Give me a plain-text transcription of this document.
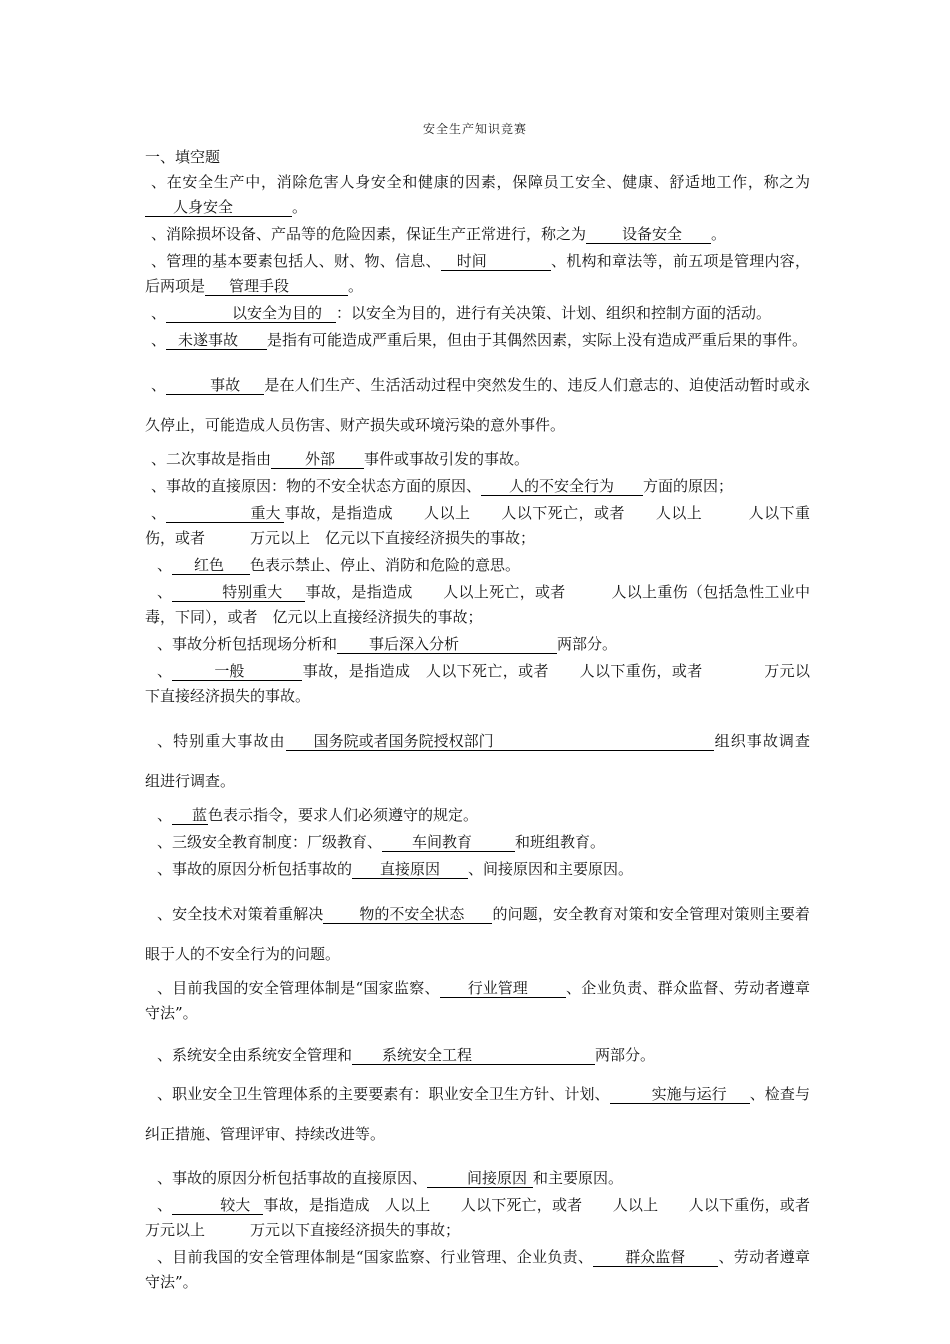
安全生产知识竞赛
一、填空题
、在安全生产中，消除危害人身安全和健康的因素，保障员工安全、健康、舒适地工作，称之为人身安全	。
、消除损坏设备、产品等的危险因素，保证生产正常进行，称之为 设备安全 。
、管理的基本要素包括人、财、物、信息、 时间	、机构和章法等，前五项是管理内容，后两项是 管理手段	。
、	以安全为目的 ：以安全为目的，进行有关决策、计划、组织和控制方面的活动。
、 未遂事故 是指有可能造成严重后果，但由于其偶然因素，实际上没有造成严重后果的事件。
、	事故 是在人们生产、生活活动过程中突然发生的、违反人们意志的、迫使活动暂时或永久停止，可能造成人员伤害、财产损失或环境污染的意外事件。
、二次事故是指由 外部 事件或事故引发的事故。
、事故的直接原因：物的不安全状态方面的原因、 人的不安全行为 方面的原因；
、	重大 事故，是指造成　　人以上　　人以下死亡，或者　　人以上　　　人以下重伤，或者　　　万元以上　亿元以下直接经济损失的事故；
、 红色 色表示禁止、停止、消防和危险的意思。
、	特别重大 事故，是指造成　　人以上死亡，或者　　　人以上重伤（包括急性工业中毒，下同），或者　亿元以上直接经济损失的事故；
、事故分析包括现场分析和 事后深入分析	两部分。
、	一般	事故，是指造成　人以下死亡，或者　　人以下重伤，或者　　　　万元以下直接经济损失的事故。
、特别重大事故由 国务院或者国务院授权部门	组织事故调查组进行调查。
、 蓝色表示指令，要求人们必须遵守的规定。
、三级安全教育制度：厂级教育、 车间教育	和班组教育。
、事故的原因分析包括事故的 直接原因 、间接原因和主要原因。
、安全技术对策着重解决 物的不安全状态 的问题，安全教育对策和安全管理对策则主要着眼于人的不安全行为的问题。
、目前我国的安全管理体制是“国家监察、 行业管理	、企业负责、群众监督、劳动者遵章守法”。
、系统安全由系统安全管理和 系统安全工程	两部分。
、职业安全卫生管理体系的主要要素有：职业安全卫生方针、计划、	实施与运行 、检查与纠正措施、管理评审、持续改进等。
、事故的原因分析包括事故的直接原因、	间接原因 和主要原因。
、	较大 事故，是指造成　人以上　　人以下死亡，或者　　人以上　　人以下重伤，或者　　　万元以上　　　万元以下直接经济损失的事故；
、目前我国的安全管理体制是“国家监察、行业管理、企业负责、 群众监督 、劳动者遵章守法”。
